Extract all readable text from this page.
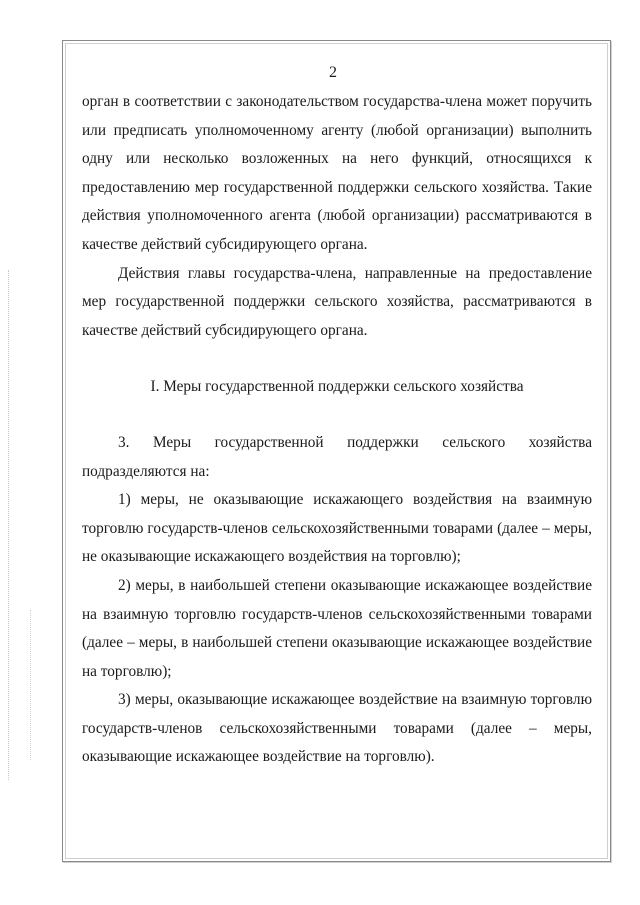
2

орган в соответствии с законодательством государства-члена может поручить или предписать уполномоченному агенту (любой организации) выполнить одну или несколько возложенных на него функций, относящихся к предоставлению мер государственной поддержки сельского хозяйства. Такие действия уполномоченного агента (любой организации) рассматриваются в качестве действий субсидирующего органа.

Действия главы государства-члена, направленные на предоставление мер государственной поддержки сельского хозяйства, рассматриваются в качестве действий субсидирующего органа.

I. Меры государственной поддержки сельского хозяйства

3. Меры государственной поддержки сельского хозяйства подразделяются на:

1) меры, не оказывающие искажающего воздействия на взаимную торговлю государств-членов сельскохозяйственными товарами (далее – меры, не оказывающие искажающего воздействия на торговлю);

2) меры, в наибольшей степени оказывающие искажающее воздействие на взаимную торговлю государств-членов сельскохозяйственными товарами (далее – меры, в наибольшей степени оказывающие искажающее воздействие на торговлю);

3) меры, оказывающие искажающее воздействие на взаимную торговлю государств-членов сельскохозяйственными товарами (далее – меры, оказывающие искажающее воздействие на торговлю).
